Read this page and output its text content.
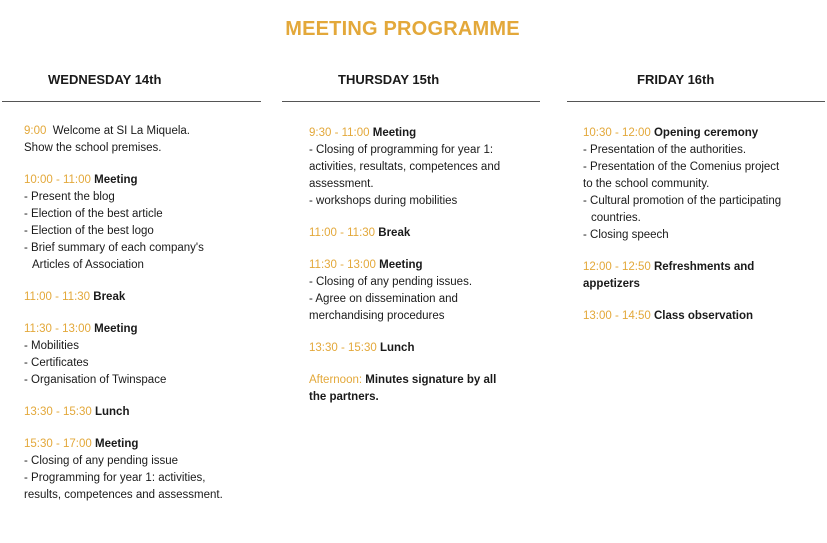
MEETING PROGRAMME
WEDNESDAY 14th
9:00  Welcome at SI La Miquela.
Show the school premises.
10:00 - 11:00 Meeting
- Present the blog
- Election of the best article
- Election of the best logo
- Brief summary of each company's
Articles of Association
11:00 - 11:30 Break
11:30 - 13:00 Meeting
- Mobilities
- Certificates
- Organisation of Twinspace
13:30 - 15:30 Lunch
15:30 - 17:00 Meeting
- Closing of any pending issue
- Programming for year 1: activities,
results, competences and assessment.
THURSDAY 15th
9:30 - 11:00 Meeting
- Closing of programming for year 1:
activities, resultats, competences and
assessment.
- workshops during mobilities
11:00 - 11:30 Break
11:30 - 13:00 Meeting
- Closing of any pending issues.
- Agree on dissemination and
merchandising procedures
13:30 - 15:30 Lunch
Afternoon: Minutes signature by all
the partners.
FRIDAY 16th
10:30 - 12:00 Opening ceremony
- Presentation of the authorities.
- Presentation of the Comenius project
to the school community.
- Cultural promotion of the participating
countries.
- Closing speech
12:00 - 12:50 Refreshments and
appetizers
13:00 - 14:50 Class observation
